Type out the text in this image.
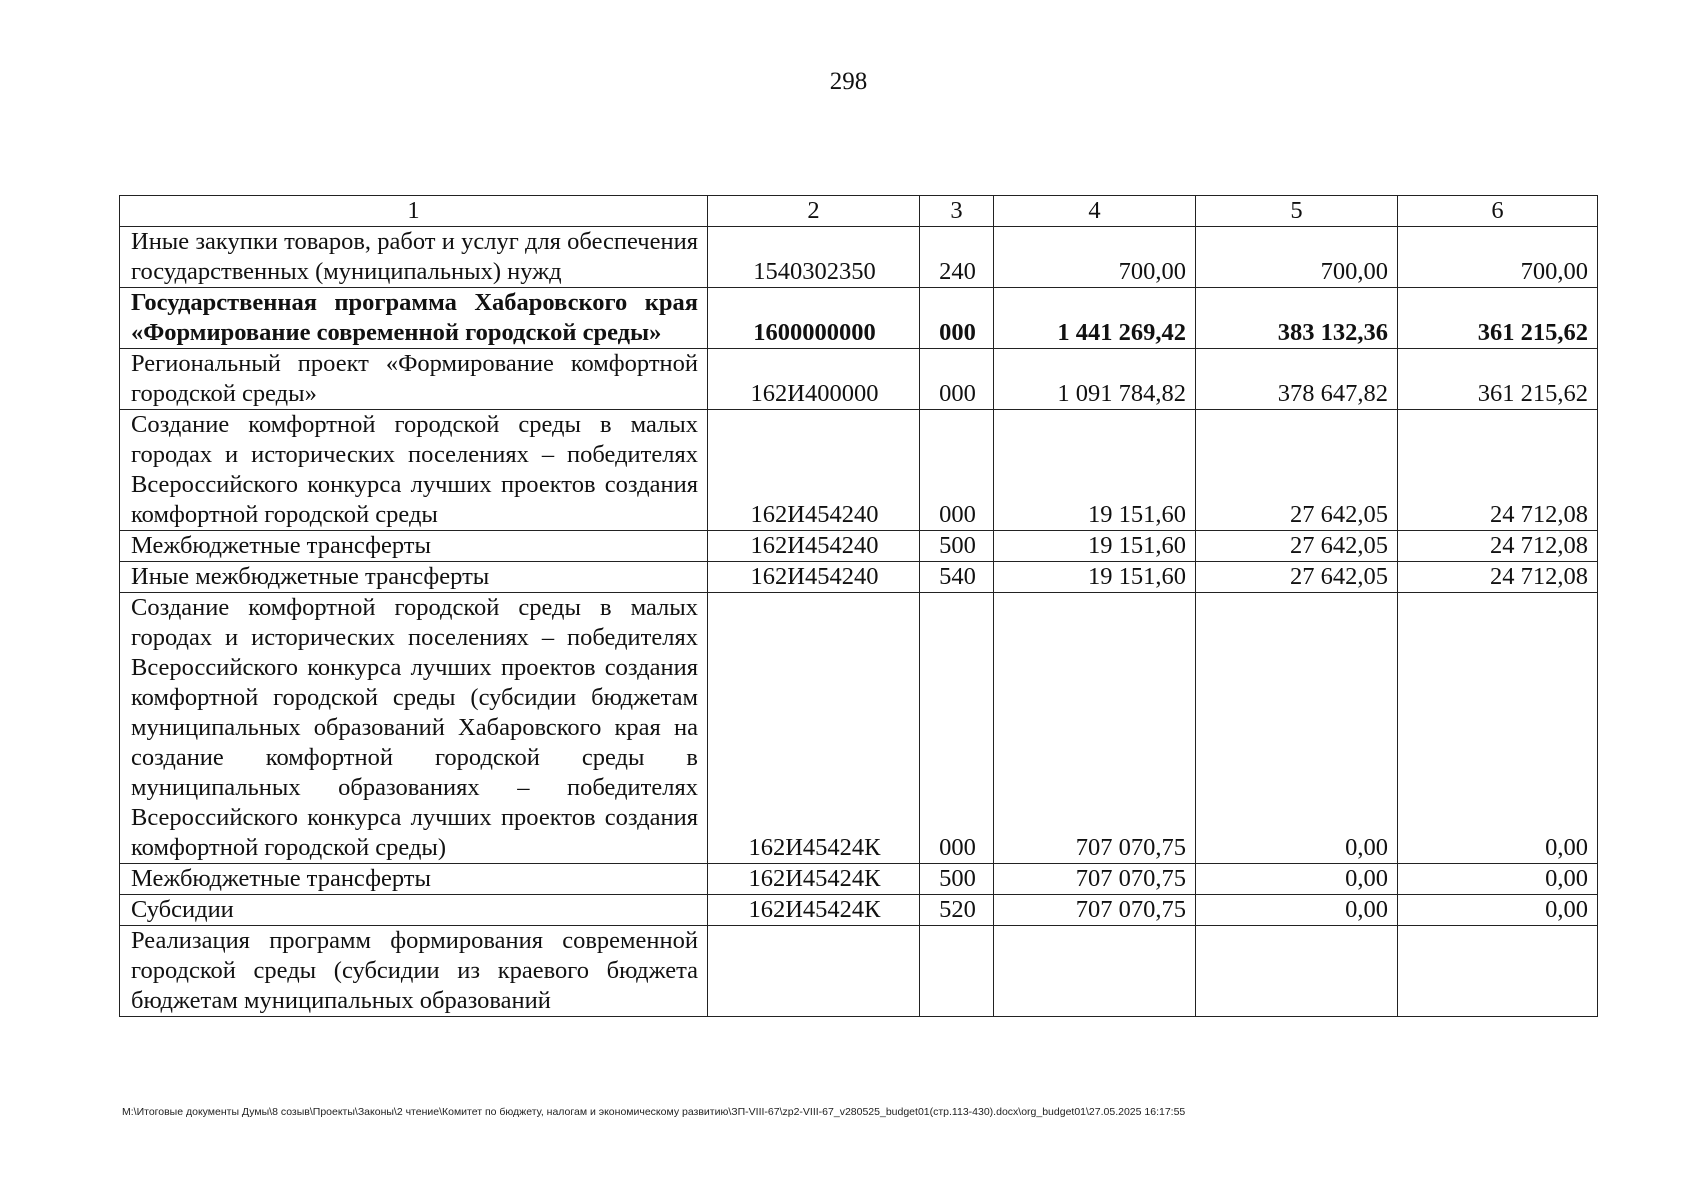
298
1	2	3	4	5	6
Иные закупки товаров, работ и услуг для обеспечения государственных (муниципальных) нужд	1540302350	240	700,00	700,00	700,00
Государственная программа Хабаровского края «Формирование современной городской среды»	1600000000	000	1 441 269,42	383 132,36	361 215,62
Региональный проект «Формирование комфортной городской среды»	162И400000	000	1 091 784,82	378 647,82	361 215,62
Создание комфортной городской среды в малых городах и исторических поселениях – победителях Всероссийского конкурса лучших проектов создания комфортной городской среды	162И454240	000	19 151,60	27 642,05	24 712,08
Межбюджетные трансферты	162И454240	500	19 151,60	27 642,05	24 712,08
Иные межбюджетные трансферты	162И454240	540	19 151,60	27 642,05	24 712,08
Создание комфортной городской среды в малых городах и исторических поселениях – победителях Всероссийского конкурса лучших проектов создания комфортной городской среды (субсидии бюджетам муниципальных образований Хабаровского края на создание комфортной городской среды в муниципальных образованиях – победителях Всероссийского конкурса лучших проектов создания комфортной городской среды)	162И45424К	000	707 070,75	0,00	0,00
Межбюджетные трансферты	162И45424К	500	707 070,75	0,00	0,00
Субсидии	162И45424К	520	707 070,75	0,00	0,00
Реализация программ формирования современной городской среды (субсидии из краевого бюджета бюджетам муниципальных образований					
M:\Итоговые документы Думы\8 созыв\Проекты\Законы\2 чтение\Комитет по бюджету, налогам и экономическому развитию\ЗП-VIII-67\zp2-VIII-67_v280525_budget01(стр.113-430).docx\org_budget01\27.05.2025 16:17:55
